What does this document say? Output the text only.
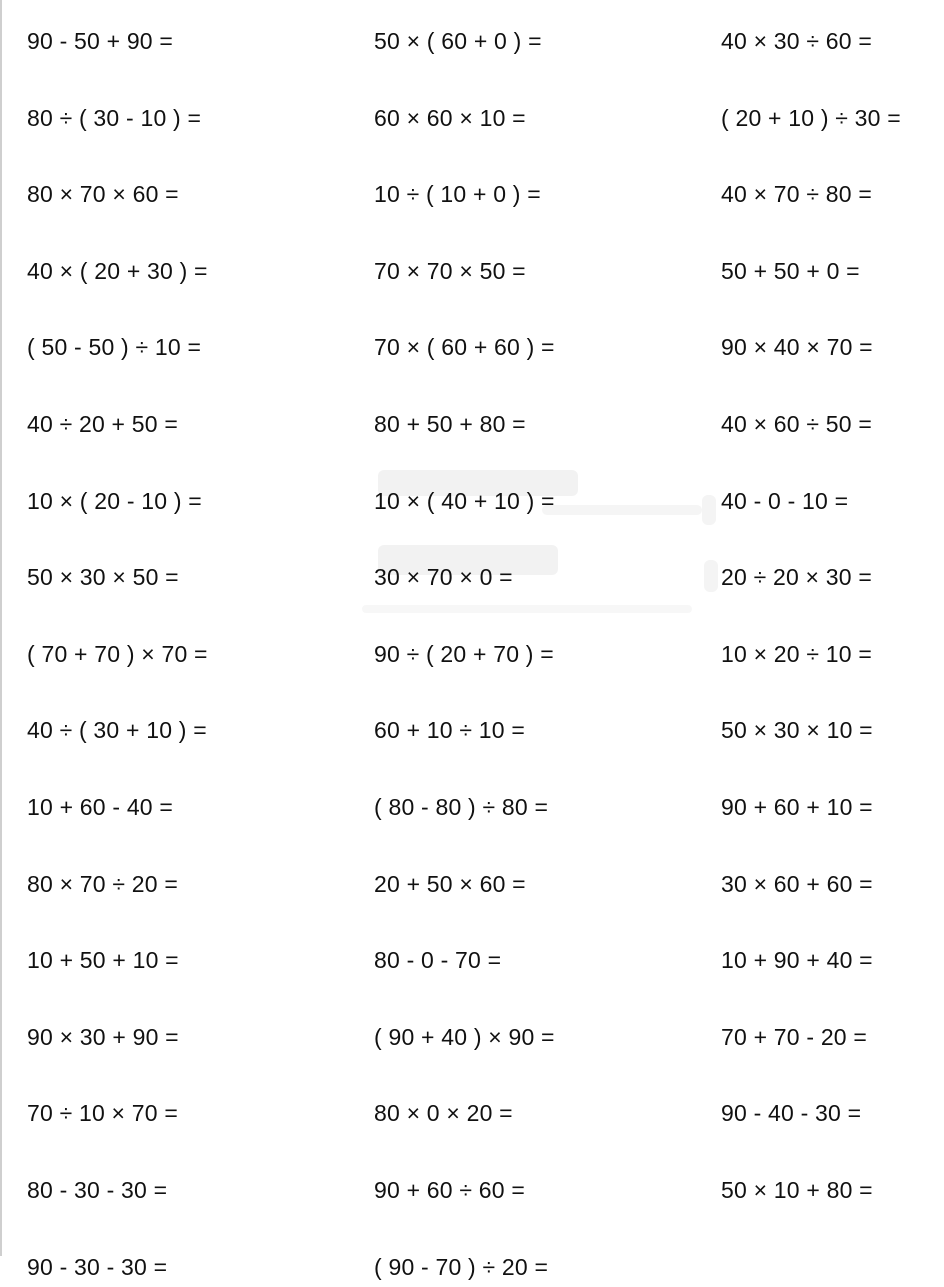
90 - 50 + 90 =	50 × ( 60 + 0 ) =	40 × 30 ÷ 60 =
80 ÷ ( 30 - 10 ) =	60 × 60 × 10 =	( 20 + 10 ) ÷ 30 =
80 × 70 × 60 =	10 ÷ ( 10 + 0 ) =	40 × 70 ÷ 80 =
40 × ( 20 + 30 ) =	70 × 70 × 50 =	50 + 50 + 0 =
( 50 - 50 ) ÷ 10 =	70 × ( 60 + 60 ) =	90 × 40 × 70 =
40 ÷ 20 + 50 =	80 + 50 + 80 =	40 × 60 ÷ 50 =
10 × ( 20 - 10 ) =	10 × ( 40 + 10 ) =	40 - 0 - 10 =
50 × 30 × 50 =	30 × 70 × 0 =	20 ÷ 20 × 30 =
( 70 + 70 ) × 70 =	90 ÷ ( 20 + 70 ) =	10 × 20 ÷ 10 =
40 ÷ ( 30 + 10 ) =	60 + 10 ÷ 10 =	50 × 30 × 10 =
10 + 60 - 40 =	( 80 - 80 ) ÷ 80 =	90 + 60 + 10 =
80 × 70 ÷ 20 =	20 + 50 × 60 =	30 × 60 + 60 =
10 + 50 + 10 =	80 - 0 - 70 =	10 + 90 + 40 =
90 × 30 + 90 =	( 90 + 40 ) × 90 =	70 + 70 - 20 =
70 ÷ 10 × 70 =	80 × 0 × 20 =	90 - 40 - 30 =
80 - 30 - 30 =	90 + 60 ÷ 60 =	50 × 10 + 80 =
90 - 30 - 30 =	( 90 - 70 ) ÷ 20 =
